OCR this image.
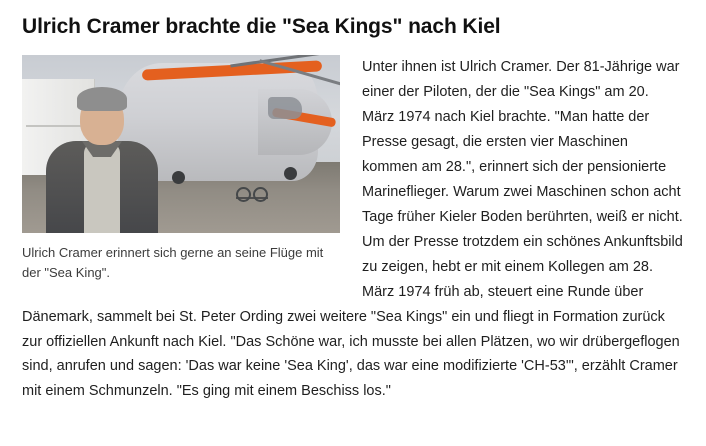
Ulrich Cramer brachte die "Sea Kings" nach Kiel
Ulrich Cramer erinnert sich gerne an seine Flüge mit der "Sea King".

Unter ihnen ist Ulrich Cramer. Der 81-Jährige war einer der Piloten, der die "Sea Kings" am 20. März 1974 nach Kiel brachte. "Man hatte der Presse gesagt, die ersten vier Maschinen kommen am 28.", erinnert sich der pensionierte Marineflieger. Warum zwei Maschinen schon acht Tage früher Kieler Boden berührten, weiß er nicht. Um der Presse trotzdem ein schönes Ankunftsbild zu zeigen, hebt er mit einem Kollegen am 28. März 1974 früh ab, steuert eine Runde über Dänemark, sammelt bei St. Peter Ording zwei weitere "Sea Kings" ein und fliegt in Formation zurück zur offiziellen Ankunft nach Kiel. "Das Schöne war, ich musste bei allen Plätzen, wo wir drübergeflogen sind, anrufen und sagen: 'Das war keine 'Sea King', das war eine modifizierte 'CH-53'", erzählt Cramer mit einem Schmunzeln. "Es ging mit einem Beschiss los."
